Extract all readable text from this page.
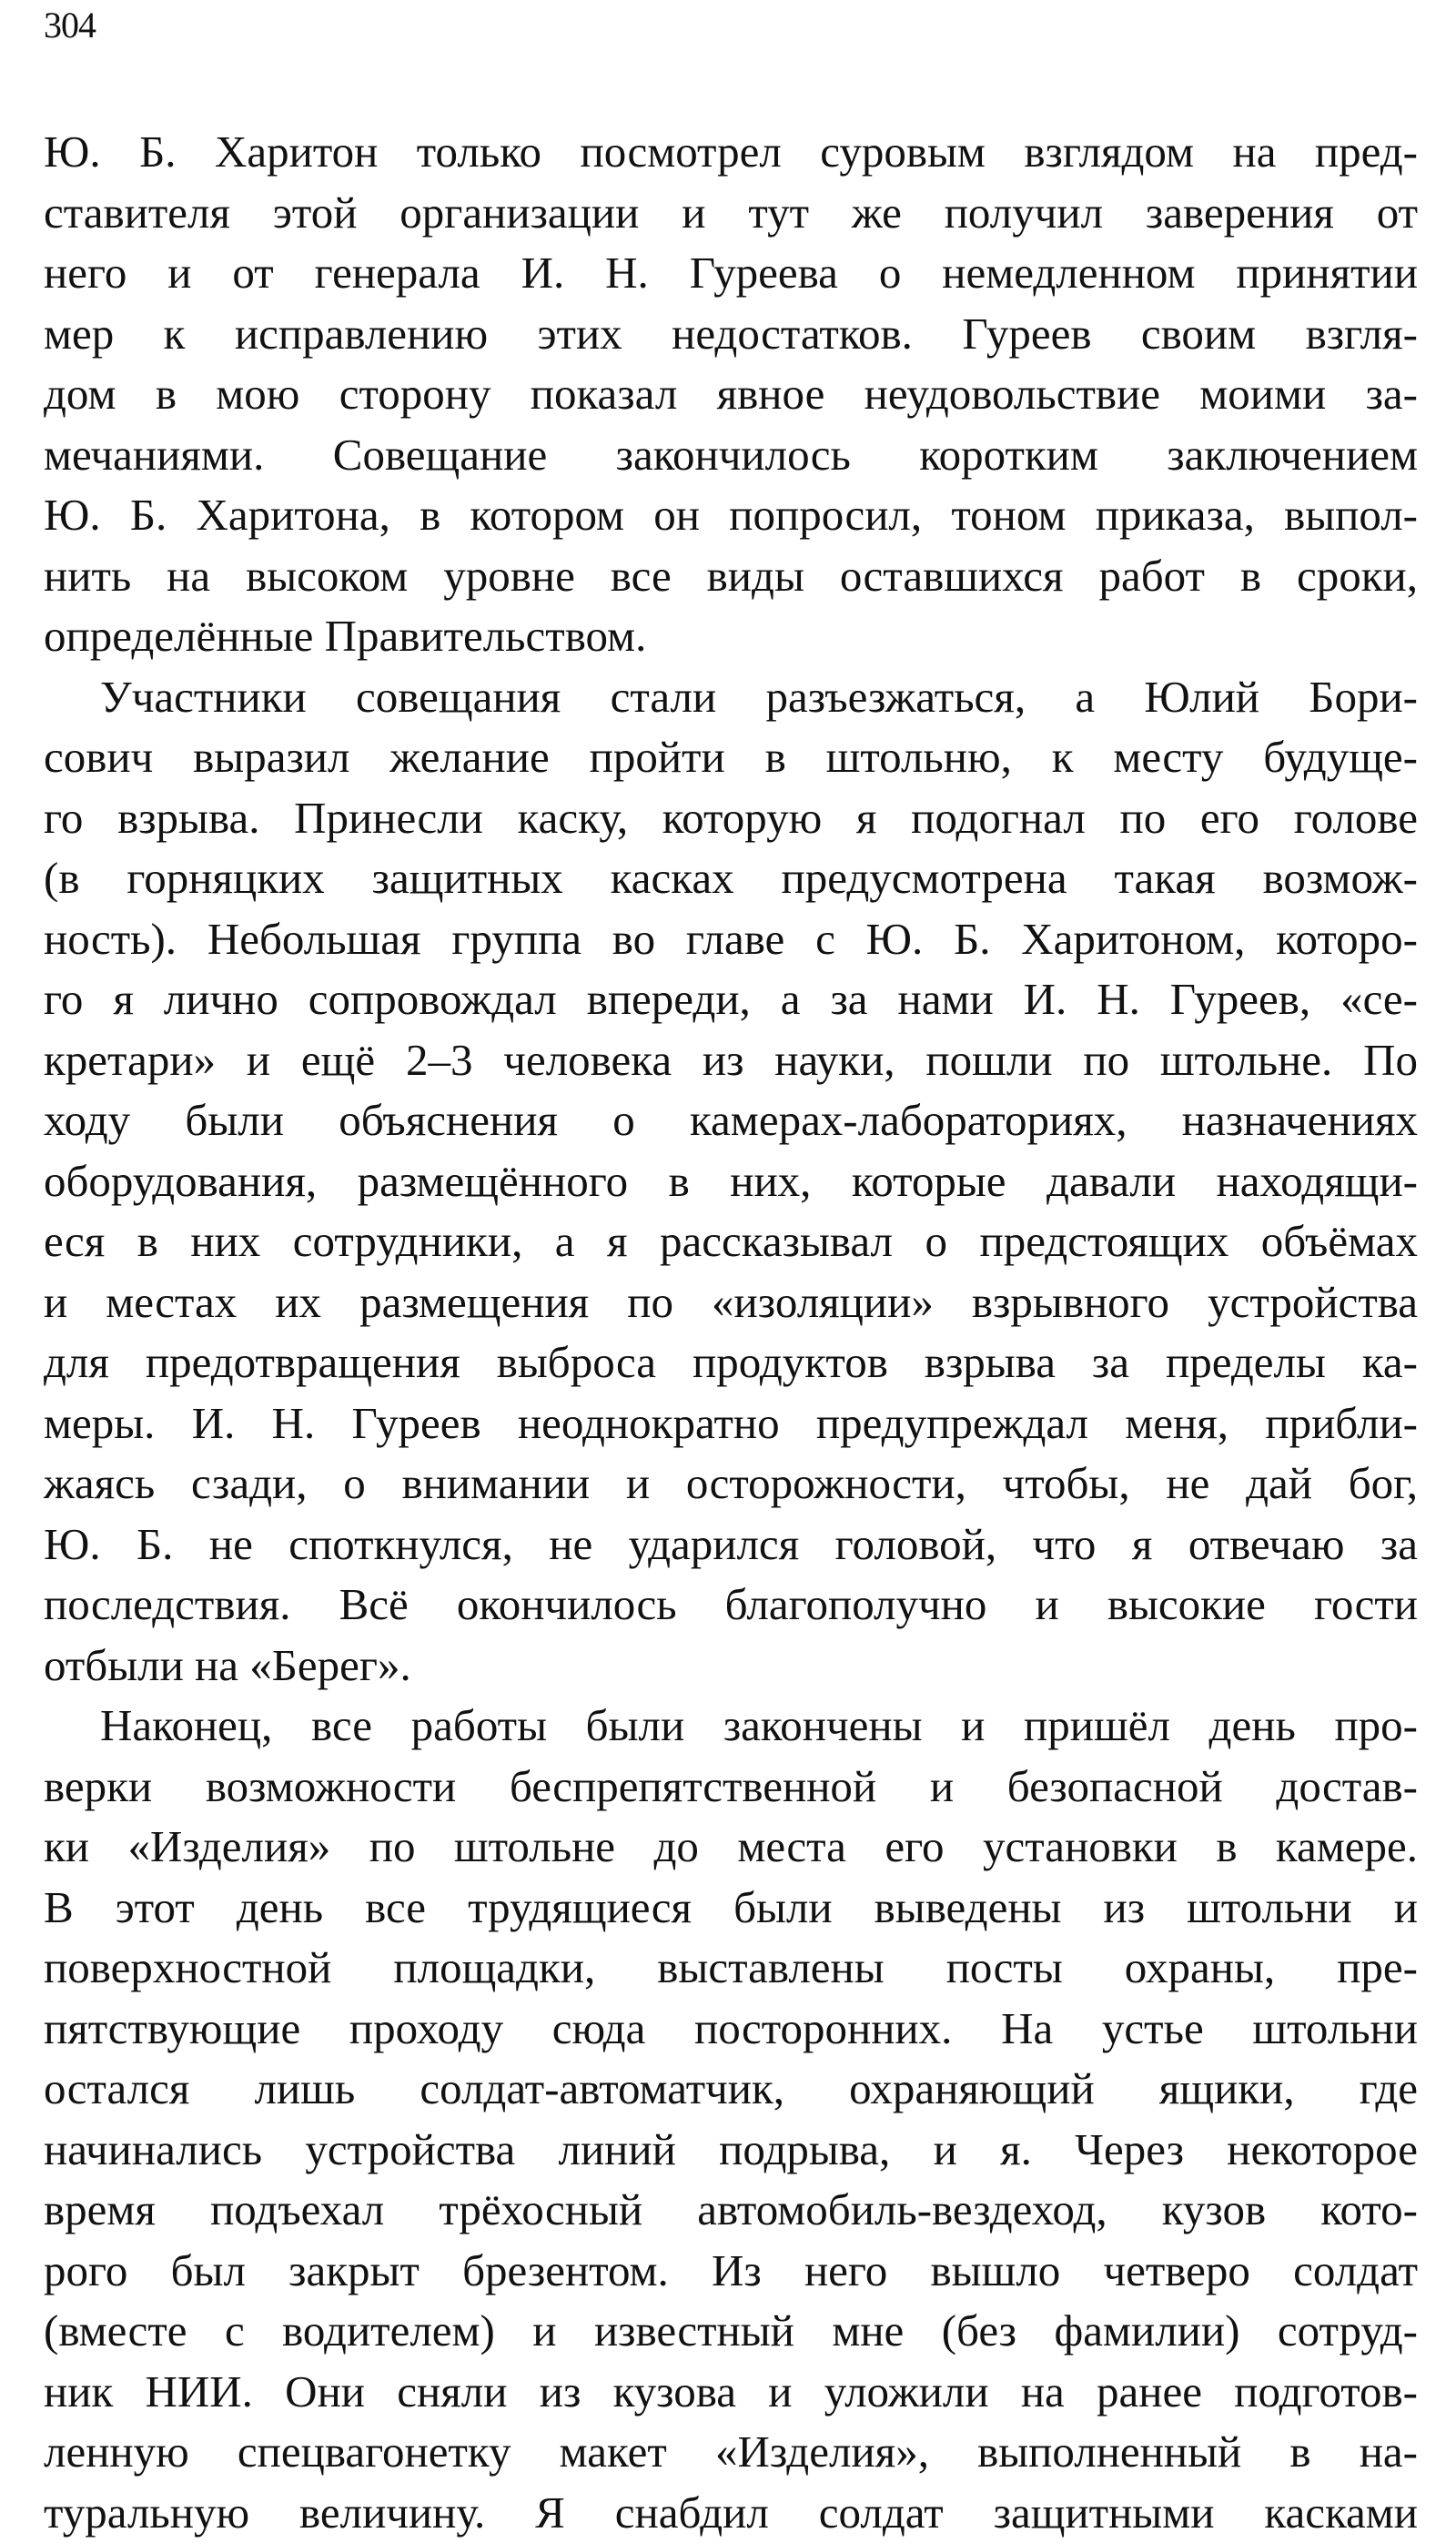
304

Ю. Б. Харитон только посмотрел суровым взглядом на пред-
ставителя этой организации и тут же получил заверения от
него и от генерала И. Н. Гуреева о немедленном принятии
мер к исправлению этих недостатков. Гуреев своим взгля-
дом в мою сторону показал явное неудовольствие моими за-
мечаниями. Совещание закончилось коротким заключением
Ю. Б. Харитона, в котором он попросил, тоном приказа, выпол-
нить на высоком уровне все виды оставшихся работ в сроки,
определённые Правительством.

Участники совещания стали разъезжаться, а Юлий Бори-
сович выразил желание пройти в штольню, к месту будуще-
го взрыва. Принесли каску, которую я подогнал по его голове
(в горняцких защитных касках предусмотрена такая возмож-
ность). Небольшая группа во главе с Ю. Б. Харитоном, которо-
го я лично сопровождал впереди, а за нами И. Н. Гуреев, «се-
кретари» и ещё 2–3 человека из науки, пошли по штольне. По
ходу были объяснения о камерах-лабораториях, назначениях
оборудования, размещённого в них, которые давали находящи-
еся в них сотрудники, а я рассказывал о предстоящих объёмах
и местах их размещения по «изоляции» взрывного устройства
для предотвращения выброса продуктов взрыва за пределы ка-
меры. И. Н. Гуреев неоднократно предупреждал меня, прибли-
жаясь сзади, о внимании и осторожности, чтобы, не дай бог,
Ю. Б. не споткнулся, не ударился головой, что я отвечаю за
последствия. Всё окончилось благополучно и высокие гости
отбыли на «Берег».

Наконец, все работы были закончены и пришёл день про-
верки возможности беспрепятственной и безопасной достав-
ки «Изделия» по штольне до места его установки в камере.
В этот день все трудящиеся были выведены из штольни и
поверхностной площадки, выставлены посты охраны, пре-
пятствующие проходу сюда посторонних. На устье штольни
остался лишь солдат-автоматчик, охраняющий ящики, где
начинались устройства линий подрыва, и я. Через некоторое
время подъехал трёхосный автомобиль-вездеход, кузов кото-
рого был закрыт брезентом. Из него вышло четверо солдат
(вместе с водителем) и известный мне (без фамилии) сотруд-
ник НИИ. Они сняли из кузова и уложили на ранее подготов-
ленную спецвагонетку макет «Изделия», выполненный в на-
туральную величину. Я снабдил солдат защитными касками
